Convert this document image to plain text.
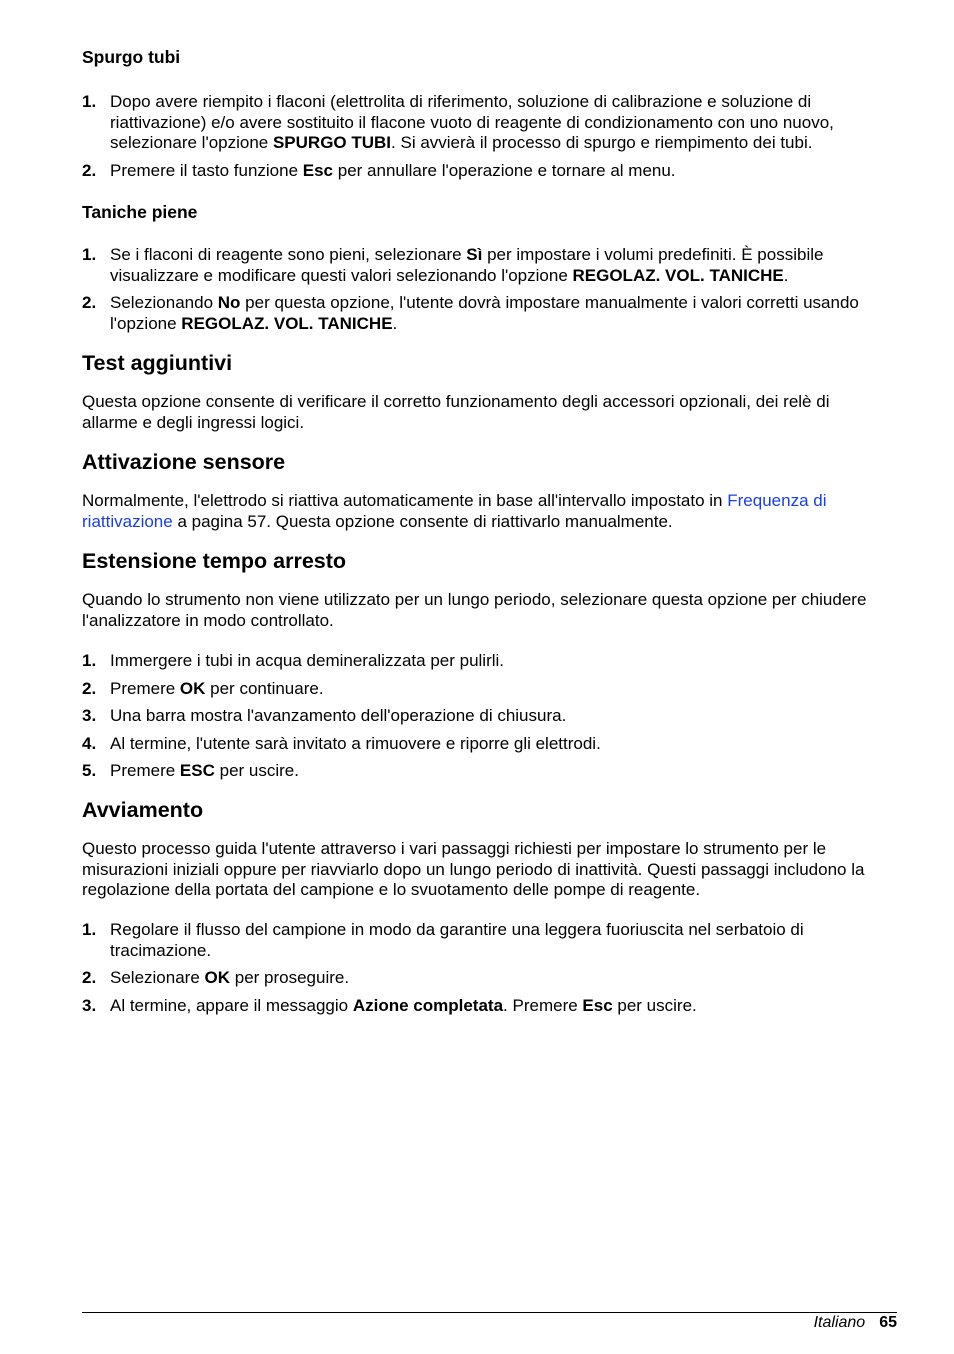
Spurgo tubi
1. Dopo avere riempito i flaconi (elettrolita di riferimento, soluzione di calibrazione e soluzione di riattivazione) e/o avere sostituito il flacone vuoto di reagente di condizionamento con uno nuovo, selezionare l'opzione SPURGO TUBI. Si avvierà il processo di spurgo e riempimento dei tubi.
2. Premere il tasto funzione Esc per annullare l'operazione e tornare al menu.
Taniche piene
1. Se i flaconi di reagente sono pieni, selezionare Sì per impostare i volumi predefiniti. È possibile visualizzare e modificare questi valori selezionando l'opzione REGOLAZ. VOL. TANICHE.
2. Selezionando No per questa opzione, l'utente dovrà impostare manualmente i valori corretti usando l'opzione REGOLAZ. VOL. TANICHE.
Test aggiuntivi

Questa opzione consente di verificare il corretto funzionamento degli accessori opzionali, dei relè di allarme e degli ingressi logici.

Attivazione sensore

Normalmente, l'elettrodo si riattiva automaticamente in base all'intervallo impostato in Frequenza di riattivazione a pagina 57. Questa opzione consente di riattivarlo manualmente.

Estensione tempo arresto

Quando lo strumento non viene utilizzato per un lungo periodo, selezionare questa opzione per chiudere l'analizzatore in modo controllato.

1. Immergere i tubi in acqua demineralizzata per pulirli.
2. Premere OK per continuare.
3. Una barra mostra l'avanzamento dell'operazione di chiusura.
4. Al termine, l'utente sarà invitato a rimuovere e riporre gli elettrodi.
5. Premere ESC per uscire.
Avviamento

Questo processo guida l'utente attraverso i vari passaggi richiesti per impostare lo strumento per le misurazioni iniziali oppure per riavviarlo dopo un lungo periodo di inattività. Questi passaggi includono la regolazione della portata del campione e lo svuotamento delle pompe di reagente.

1. Regolare il flusso del campione in modo da garantire una leggera fuoriuscita nel serbatoio di tracimazione.
2. Selezionare OK per proseguire.
3. Al termine, appare il messaggio Azione completata. Premere Esc per uscire.
Italiano 65
